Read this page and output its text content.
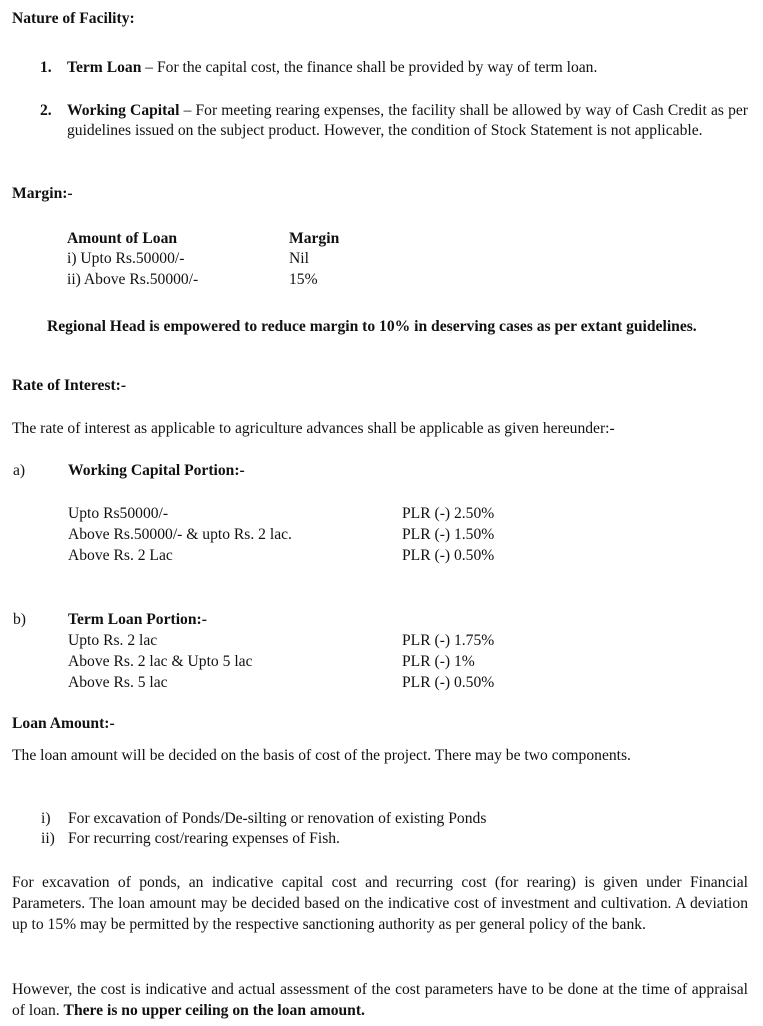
Nature of Facility:
1. Term Loan – For the capital cost, the finance shall be provided by way of term loan.
2. Working Capital – For meeting rearing expenses, the facility shall be allowed by way of Cash Credit as per guidelines issued on the subject product. However, the condition of Stock Statement is not applicable.
Margin:-
Amount of Loan	Margin
i) Upto Rs.50000/-	Nil
ii) Above Rs.50000/-	15%
Regional Head is empowered to reduce margin to 10% in deserving cases as per extant guidelines.
Rate of Interest:-
The rate of interest as applicable to agriculture advances shall be applicable as given hereunder:-
a)	Working Capital Portion:-
Upto Rs50000/-	PLR (-) 2.50%
Above Rs.50000/- & upto Rs. 2 lac.	PLR (-) 1.50%
Above Rs. 2 Lac	PLR (-) 0.50%
b)	Term Loan Portion:-
Upto Rs. 2 lac	PLR (-) 1.75%
Above Rs. 2 lac & Upto 5 lac	PLR (-) 1%
Above Rs. 5 lac	PLR (-) 0.50%
Loan Amount:-
The loan amount will be decided on the basis of cost of the project. There may be two components.
i) For excavation of Ponds/De-silting or renovation of existing Ponds
ii) For recurring cost/rearing expenses of Fish.
For excavation of ponds, an indicative capital cost and recurring cost (for rearing) is given under Financial Parameters. The loan amount may be decided based on the indicative cost of investment and cultivation. A deviation up to 15% may be permitted by the respective sanctioning authority as per general policy of the bank.
However, the cost is indicative and actual assessment of the cost parameters have to be done at the time of appraisal of loan. There is no upper ceiling on the loan amount.
